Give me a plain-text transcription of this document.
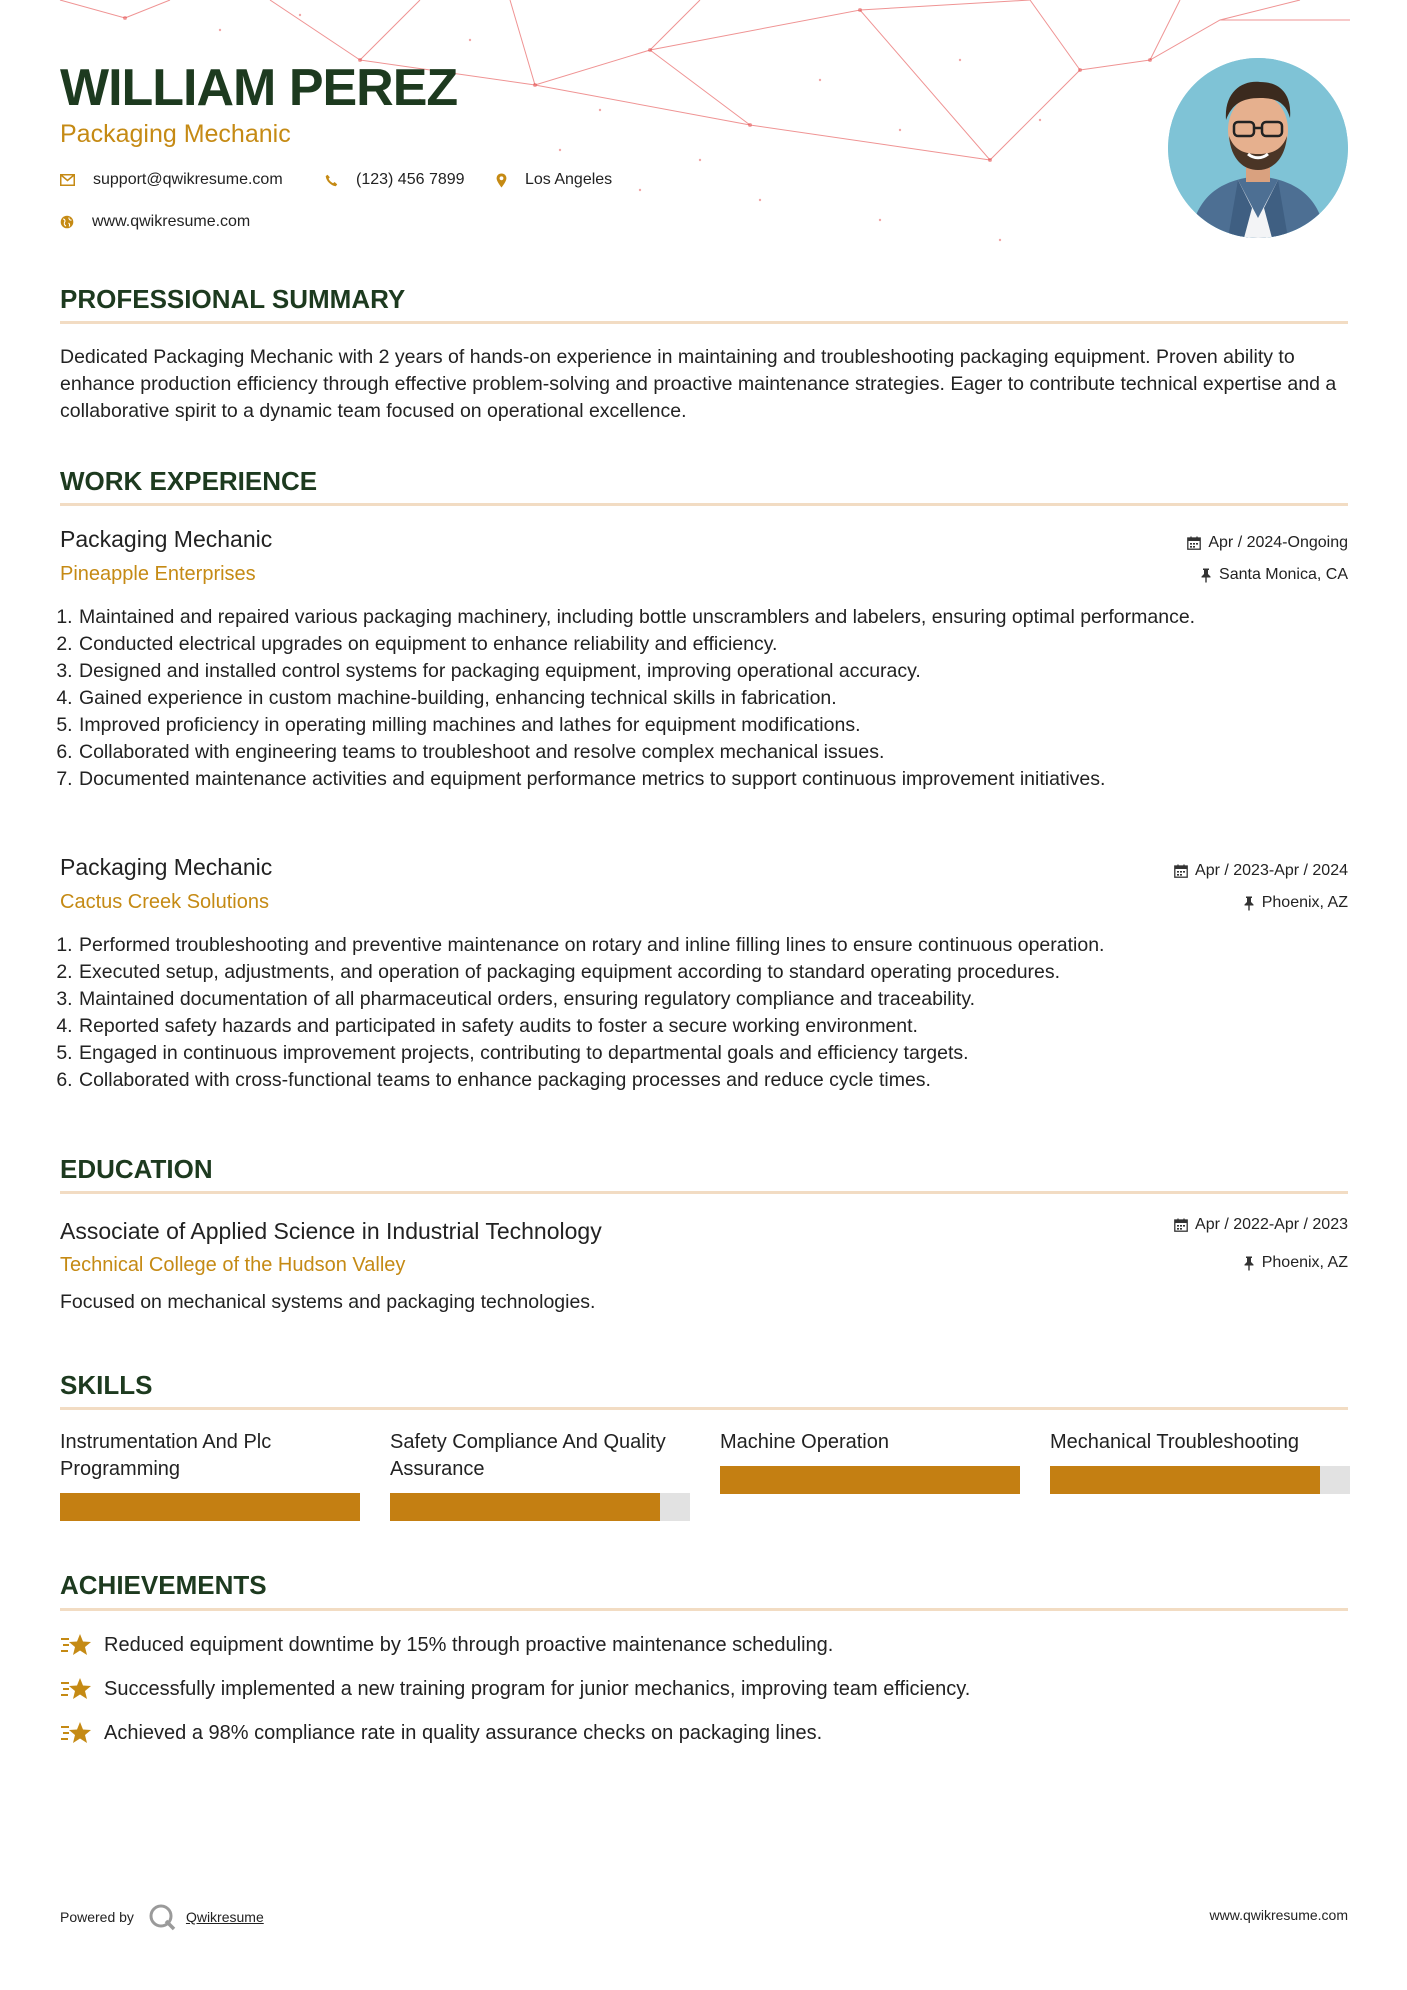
WILLIAM PEREZ
Packaging Mechanic
support@qwikresume.com	(123) 456 7899	Los Angeles
www.qwikresume.com
PROFESSIONAL SUMMARY
Dedicated Packaging Mechanic with 2 years of hands-on experience in maintaining and troubleshooting packaging equipment. Proven ability to enhance production efficiency through effective problem-solving and proactive maintenance strategies. Eager to contribute technical expertise and a collaborative spirit to a dynamic team focused on operational excellence.
WORK EXPERIENCE
Packaging Mechanic
Pineapple Enterprises
Apr / 2024-Ongoing
Santa Monica, CA
1. Maintained and repaired various packaging machinery, including bottle unscramblers and labelers, ensuring optimal performance.
2. Conducted electrical upgrades on equipment to enhance reliability and efficiency.
3. Designed and installed control systems for packaging equipment, improving operational accuracy.
4. Gained experience in custom machine-building, enhancing technical skills in fabrication.
5. Improved proficiency in operating milling machines and lathes for equipment modifications.
6. Collaborated with engineering teams to troubleshoot and resolve complex mechanical issues.
7. Documented maintenance activities and equipment performance metrics to support continuous improvement initiatives.
Packaging Mechanic
Cactus Creek Solutions
Apr / 2023-Apr / 2024
Phoenix, AZ
1. Performed troubleshooting and preventive maintenance on rotary and inline filling lines to ensure continuous operation.
2. Executed setup, adjustments, and operation of packaging equipment according to standard operating procedures.
3. Maintained documentation of all pharmaceutical orders, ensuring regulatory compliance and traceability.
4. Reported safety hazards and participated in safety audits to foster a secure working environment.
5. Engaged in continuous improvement projects, contributing to departmental goals and efficiency targets.
6. Collaborated with cross-functional teams to enhance packaging processes and reduce cycle times.
EDUCATION
Associate of Applied Science in Industrial Technology
Technical College of the Hudson Valley
Apr / 2022-Apr / 2023
Phoenix, AZ
Focused on mechanical systems and packaging technologies.
SKILLS
Instrumentation And Plc Programming
Safety Compliance And Quality Assurance
Machine Operation	Mechanical Troubleshooting
ACHIEVEMENTS
Reduced equipment downtime by 15% through proactive maintenance scheduling.
Successfully implemented a new training program for junior mechanics, improving team efficiency.
Achieved a 98% compliance rate in quality assurance checks on packaging lines.
Powered by	Qwikresume	www.qwikresume.com
